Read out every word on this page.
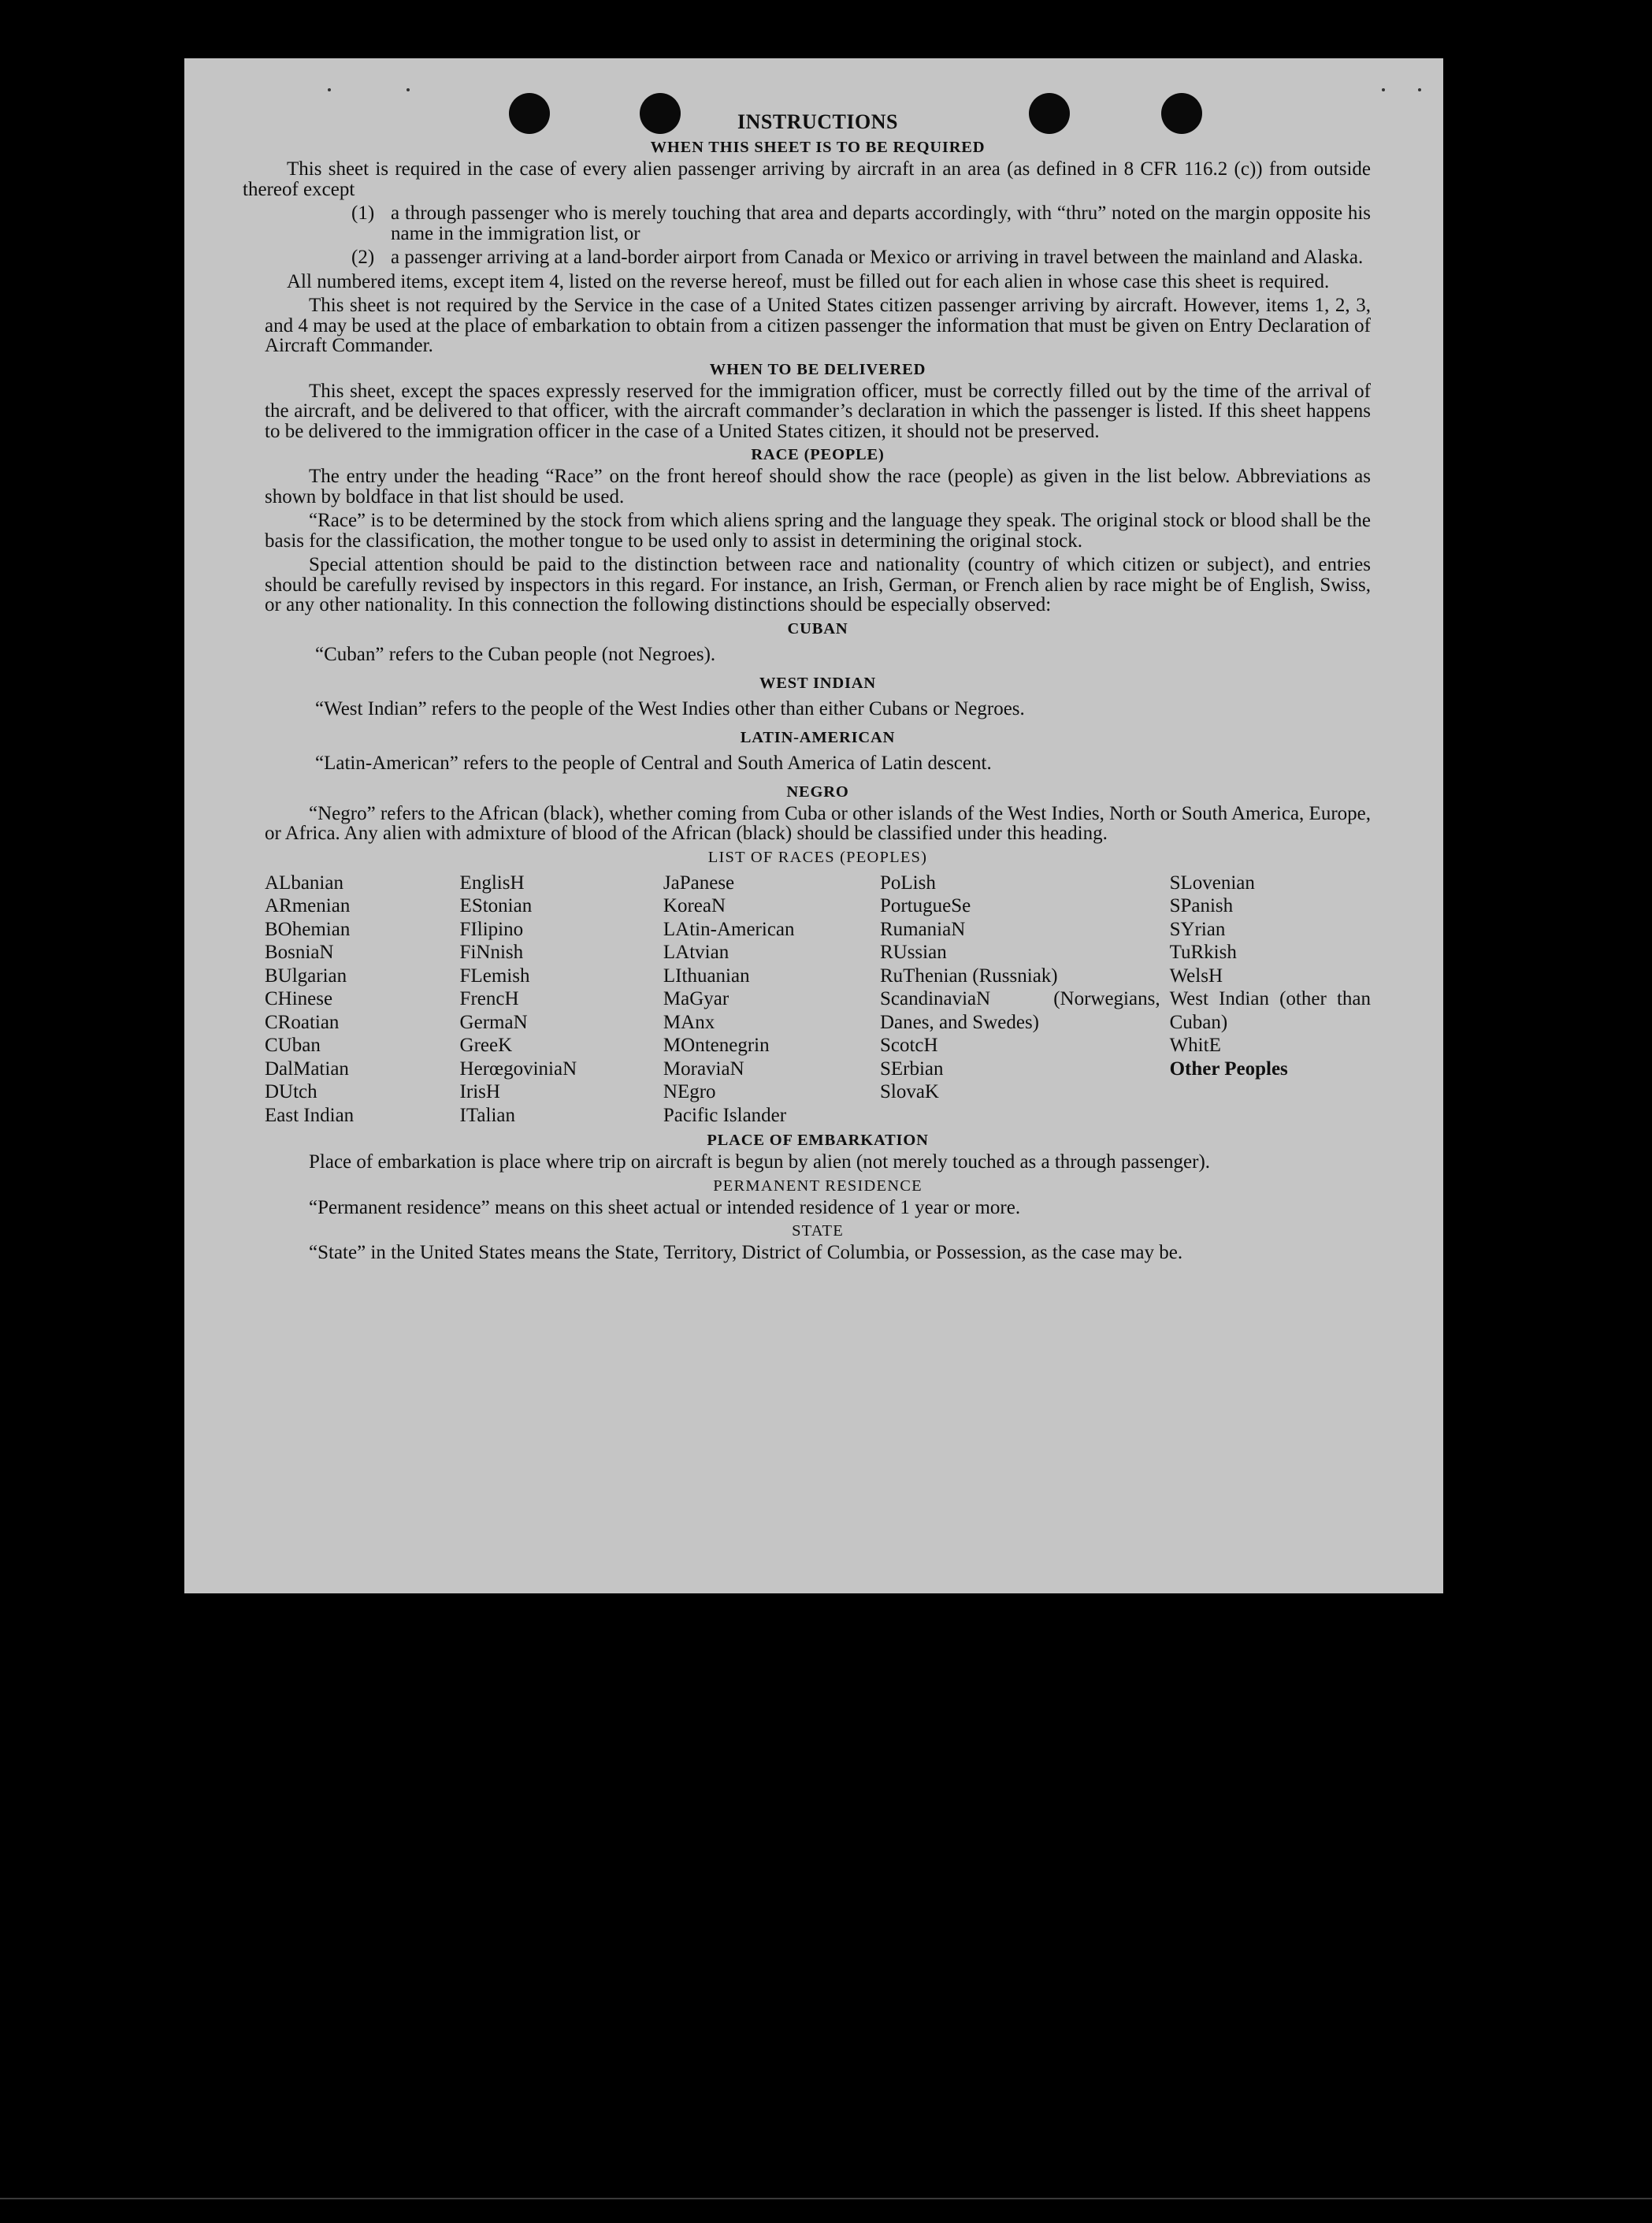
INSTRUCTIONS
WHEN THIS SHEET IS TO BE REQUIRED

This sheet is required in the case of every alien passenger arriving by aircraft in an area (as defined in 8 CFR 116.2 (c)) from outside thereof except

(1) a through passenger who is merely touching that area and departs accordingly, with “thru” noted on the margin opposite his name in the immigration list, or
(2) a passenger arriving at a land-border airport from Canada or Mexico or arriving in travel between the mainland and Alaska.

All numbered items, except item 4, listed on the reverse hereof, must be filled out for each alien in whose case this sheet is required.

This sheet is not required by the Service in the case of a United States citizen passenger arriving by aircraft. However, items 1, 2, 3, and 4 may be used at the place of embarkation to obtain from a citizen passenger the information that must be given on Entry Declaration of Aircraft Commander.

WHEN TO BE DELIVERED

This sheet, except the spaces expressly reserved for the immigration officer, must be correctly filled out by the time of the arrival of the aircraft, and be delivered to that officer, with the aircraft commander’s declaration in which the passenger is listed. If this sheet happens to be delivered to the immigration officer in the case of a United States citizen, it should not be preserved.

RACE (PEOPLE)

The entry under the heading “Race” on the front hereof should show the race (people) as given in the list below. Abbreviations as shown by boldface in that list should be used.

“Race” is to be determined by the stock from which aliens spring and the language they speak. The original stock or blood shall be the basis for the classification, the mother tongue to be used only to assist in determining the original stock.

Special attention should be paid to the distinction between race and nationality (country of which citizen or subject), and entries should be carefully revised by inspectors in this regard. For instance, an Irish, German, or French alien by race might be of English, Swiss, or any other nationality. In this connection the following distinctions should be especially observed:

CUBAN
“Cuban” refers to the Cuban people (not Negroes).
WEST INDIAN
“West Indian” refers to the people of the West Indies other than either Cubans or Negroes.
LATIN-AMERICAN
“Latin-American” refers to the people of Central and South America of Latin descent.
NEGRO

“Negro” refers to the African (black), whether coming from Cuba or other islands of the West Indies, North or South America, Europe, or Africa. Any alien with admixture of blood of the African (black) should be classified under this heading.

LIST OF RACES (PEOPLES)
ALbanian
ARmenian
BOhemian
BosniaN
BUlgarian
CHinese
CRoatian
CUban
DalMatian
DUtch
East Indian
EnglisH
EStonian
FIlipino
FiNnish
FLemish
FrencH
GermaN
GreeK
HerœgoviniaN
IrisH
ITalian
JaPanese
KoreaN
LAtin-American
LAtvian
LIthuanian
MaGyar
MAnx
MOntenegrin
MoraviaN
NEgro
Pacific Islander
PoLish
PortugueSe
RumaniaN
RUssian
RuThenian (Russniak)
ScandinaviaN (Norwegians, Danes, and Swedes)
ScotcH
SErbian
SlovaK
SLovenian
SPanish
SYrian
TuRkish
WelsH
West Indian (other than Cuban)
WhitE
Other Peoples
PLACE OF EMBARKATION

Place of embarkation is place where trip on aircraft is begun by alien (not merely touched as a through passenger).

PERMANENT RESIDENCE

“Permanent residence” means on this sheet actual or intended residence of 1 year or more.

STATE

“State” in the United States means the State, Territory, District of Columbia, or Possession, as the case may be.
